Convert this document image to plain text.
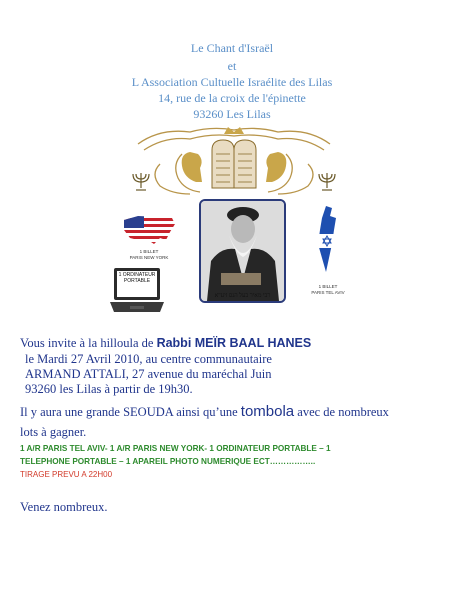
Le Chant d'Israël
et
L Association Cultuelle Israélite des Lilas
14, rue de la croix de l'épinette
93260 Les Lilas
1 BILLET
PARIS NEW YORK
1 ORDINATEUR PORTABLE
רבי מאיר בעל הנס זיע"א
1 BILLET
PARIS TEL AVIV
Vous invite à la hilloula de Rabbi MEÏR BAAL HANES
le Mardi 27 Avril 2010, au centre communautaire
ARMAND ATTALI, 27 avenue du maréchal Juin
93260 les Lilas à partir de 19h30.
Il y aura une grande SEOUDA ainsi qu’une tombola avec de nombreux
lots à gagner.
1 A/R PARIS TEL AVIV- 1 A/R PARIS NEW YORK- 1 ORDINATEUR PORTABLE – 1
TELEPHONE PORTABLE – 1 APAREIL PHOTO NUMERIQUE ECT……………..
TIRAGE PREVU A 22H00
Venez nombreux.
